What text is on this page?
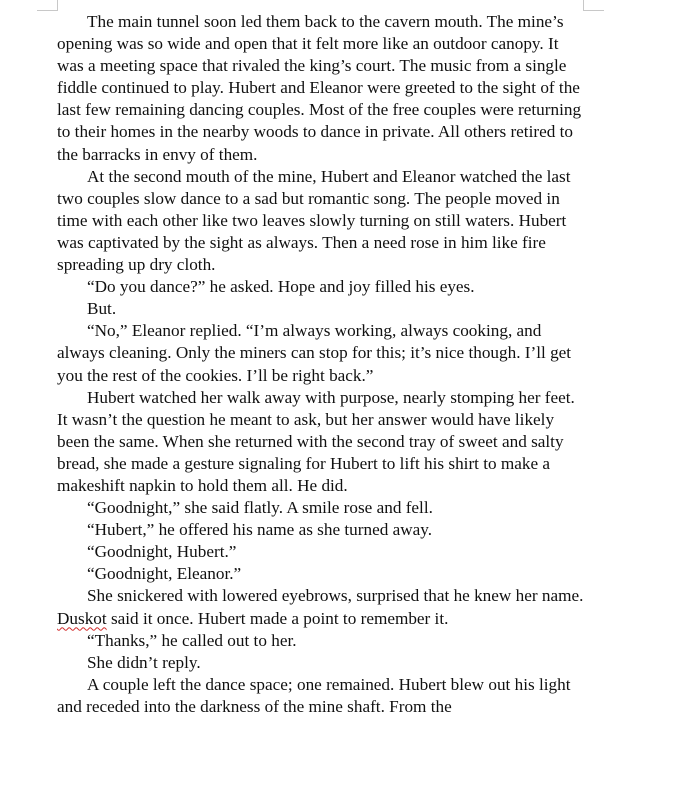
The main tunnel soon led them back to the cavern mouth. The mine’s opening was so wide and open that it felt more like an outdoor canopy. It was a meeting space that rivaled the king’s court. The music from a single fiddle continued to play. Hubert and Eleanor were greeted to the sight of the last few remaining dancing couples. Most of the free couples were returning to their homes in the nearby woods to dance in private. All others retired to the barracks in envy of them.

At the second mouth of the mine, Hubert and Eleanor watched the last two couples slow dance to a sad but romantic song. The people moved in time with each other like two leaves slowly turning on still waters. Hubert was captivated by the sight as always. Then a need rose in him like fire spreading up dry cloth.

“Do you dance?” he asked. Hope and joy filled his eyes.

But.

“No,” Eleanor replied. “I’m always working, always cooking, and always cleaning. Only the miners can stop for this; it’s nice though. I’ll get you the rest of the cookies. I’ll be right back.”

Hubert watched her walk away with purpose, nearly stomping her feet. It wasn’t the question he meant to ask, but her answer would have likely been the same. When she returned with the second tray of sweet and salty bread, she made a gesture signaling for Hubert to lift his shirt to make a makeshift napkin to hold them all. He did.

“Goodnight,” she said flatly. A smile rose and fell.

“Hubert,” he offered his name as she turned away.

“Goodnight, Hubert.”

“Goodnight, Eleanor.”

She snickered with lowered eyebrows, surprised that he knew her name. Duskot said it once. Hubert made a point to remember it.

“Thanks,” he called out to her.

She didn’t reply.

A couple left the dance space; one remained. Hubert blew out his light and receded into the darkness of the mine shaft. From the
